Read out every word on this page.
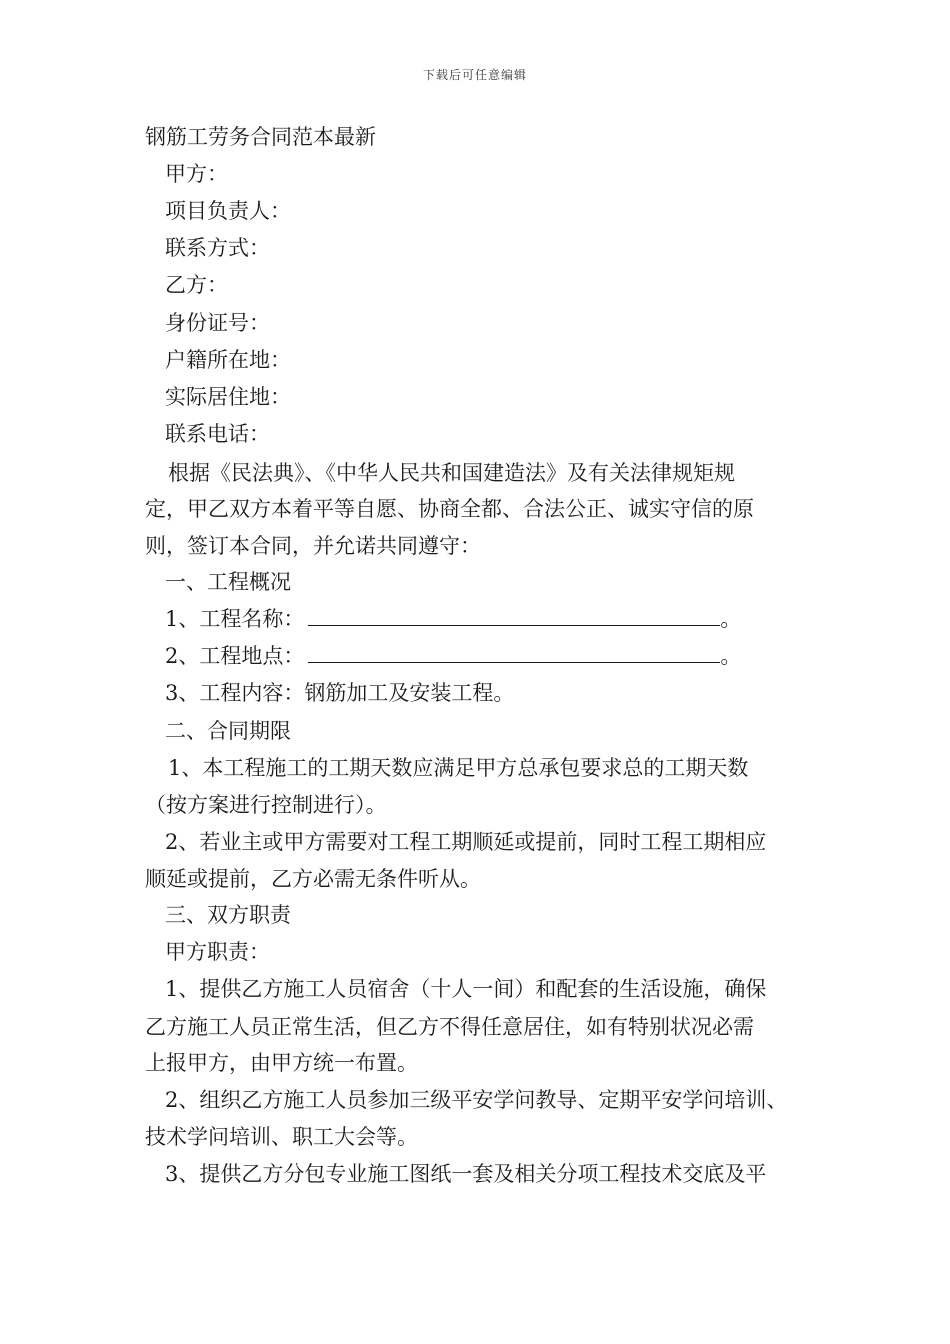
下载后可任意编辑
钢筋工劳务合同范本最新
甲方：
项目负责人：
联系方式：
乙方：
身份证号：
户籍所在地：
实际居住地：
联系电话：
根据《民法典》、《中华人民共和国建造法》及有关法律规矩规
定，甲乙双方本着平等自愿、协商全都、合法公正、诚实守信的原
则，签订本合同，并允诺共同遵守：
一、工程概况
1、工程名称：	。
2、工程地点：	。
3、工程内容：钢筋加工及安装工程。
二、合同期限
1、本工程施工的工期天数应满足甲方总承包要求总的工期天数
（按方案进行控制进行）。
2、若业主或甲方需要对工程工期顺延或提前，同时工程工期相应
顺延或提前，乙方必需无条件听从。
三、双方职责
甲方职责：
1、提供乙方施工人员宿舍（十人一间）和配套的生活设施，确保
乙方施工人员正常生活，但乙方不得任意居住，如有特别状况必需
上报甲方，由甲方统一布置。
2、组织乙方施工人员参加三级平安学问教导、定期平安学问培训、
技术学问培训、职工大会等。
3、提供乙方分包专业施工图纸一套及相关分项工程技术交底及平
